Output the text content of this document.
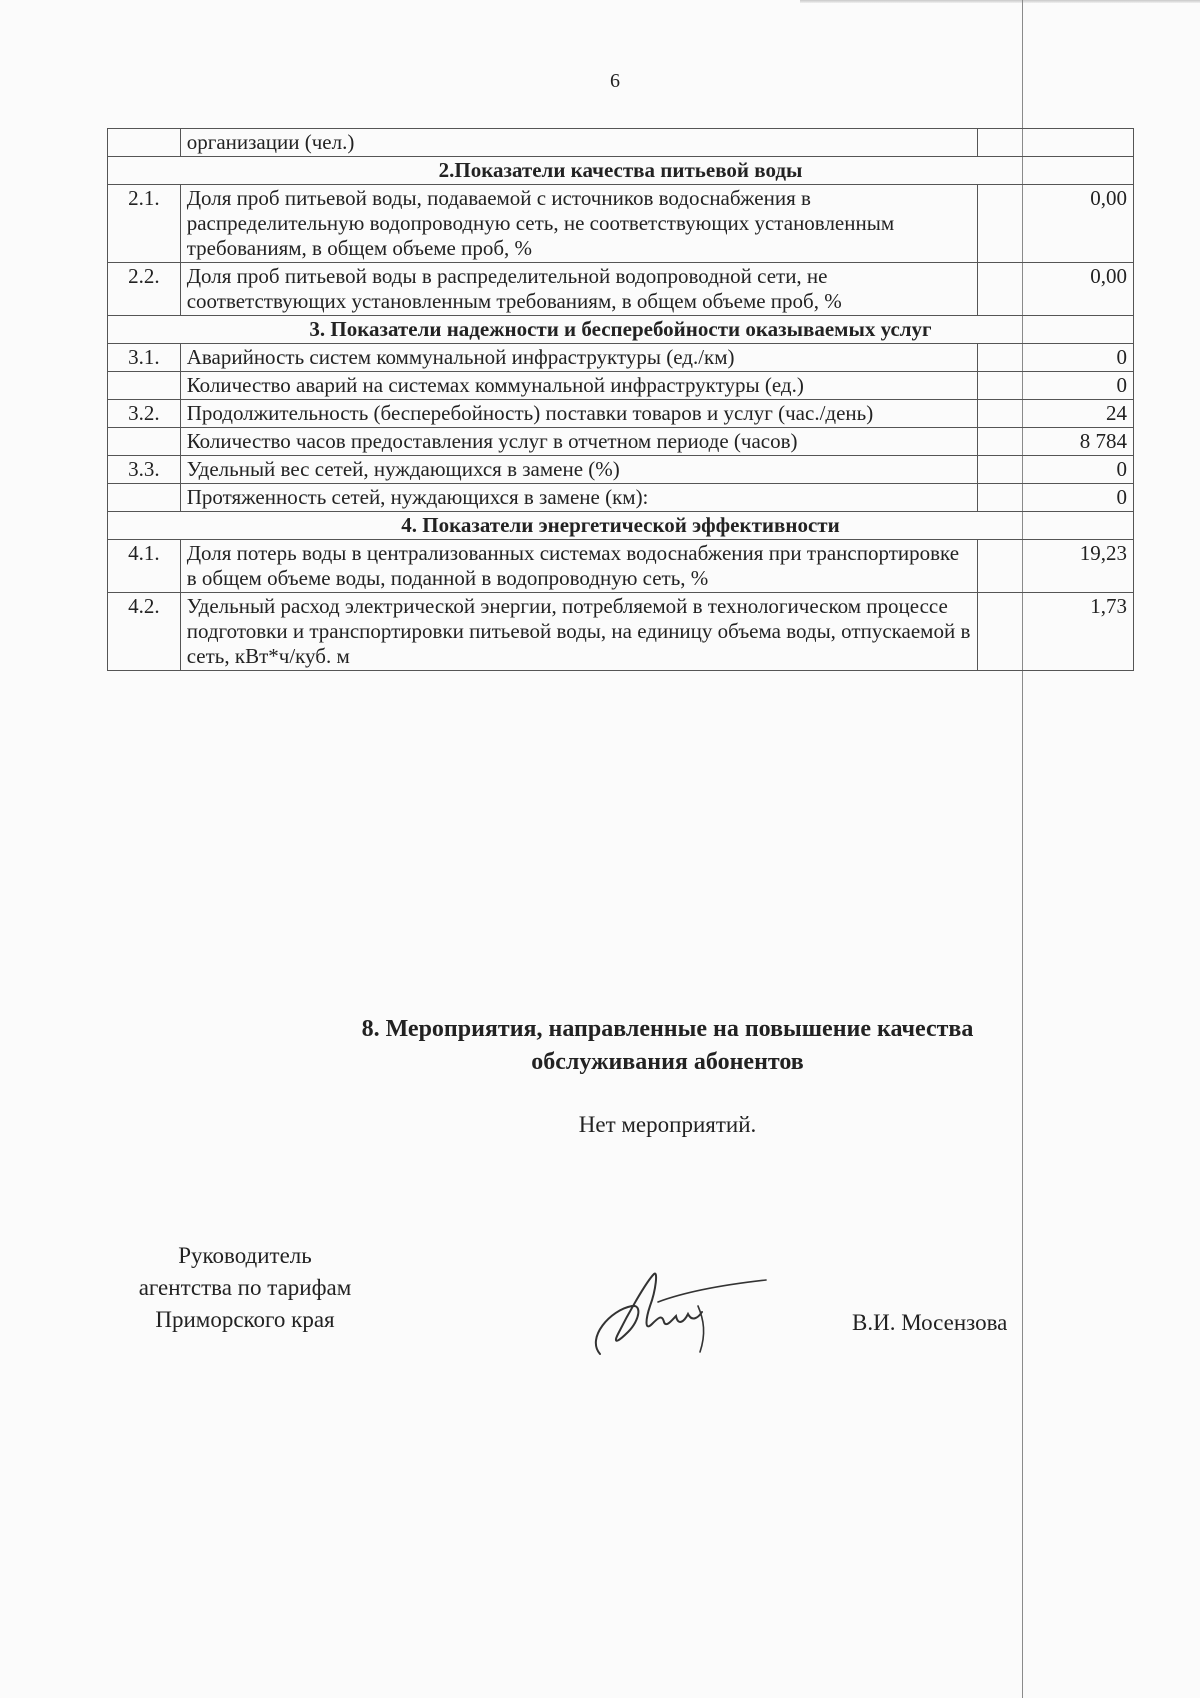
6
	организации (чел.)	
2.Показатели качества питьевой воды		
2.1.	Доля проб питьевой воды, подаваемой с источников водоснабжения в распределительную водопроводную сеть, не соответствующих установленным требованиям, в общем объеме проб, %	0,00
2.2.	Доля проб питьевой воды в распределительной водопроводной сети, не соответствующих установленным требованиям, в общем объеме проб, %	0,00
3. Показатели надежности и бесперебойности оказываемых услуг		
3.1.	Аварийность систем коммунальной инфраструктуры (ед./км)	0
	Количество аварий на системах коммунальной инфраструктуры (ед.)	0
3.2.	Продолжительность (бесперебойность) поставки товаров и услуг (час./день)	24
	Количество часов предоставления услуг в отчетном периоде (часов)	8 784
3.3.	Удельный вес сетей, нуждающихся в замене (%)	0
	Протяженность сетей, нуждающихся в замене (км):	0
4. Показатели энергетической эффективности		
4.1.	Доля потерь воды в централизованных системах водоснабжения при транспортировке в общем объеме воды, поданной в водопроводную сеть, %	19,23
4.2.	Удельный расход электрической энергии, потребляемой в технологическом процессе подготовки и транспортировки питьевой воды, на единицу объема воды, отпускаемой в сеть, кВт*ч/куб. м	1,73
8. Мероприятия, направленные на повышение качества
обслуживания абонентов
Нет мероприятий.
Руководитель
агентства по тарифам
Приморского края	В.И. Мосензова
